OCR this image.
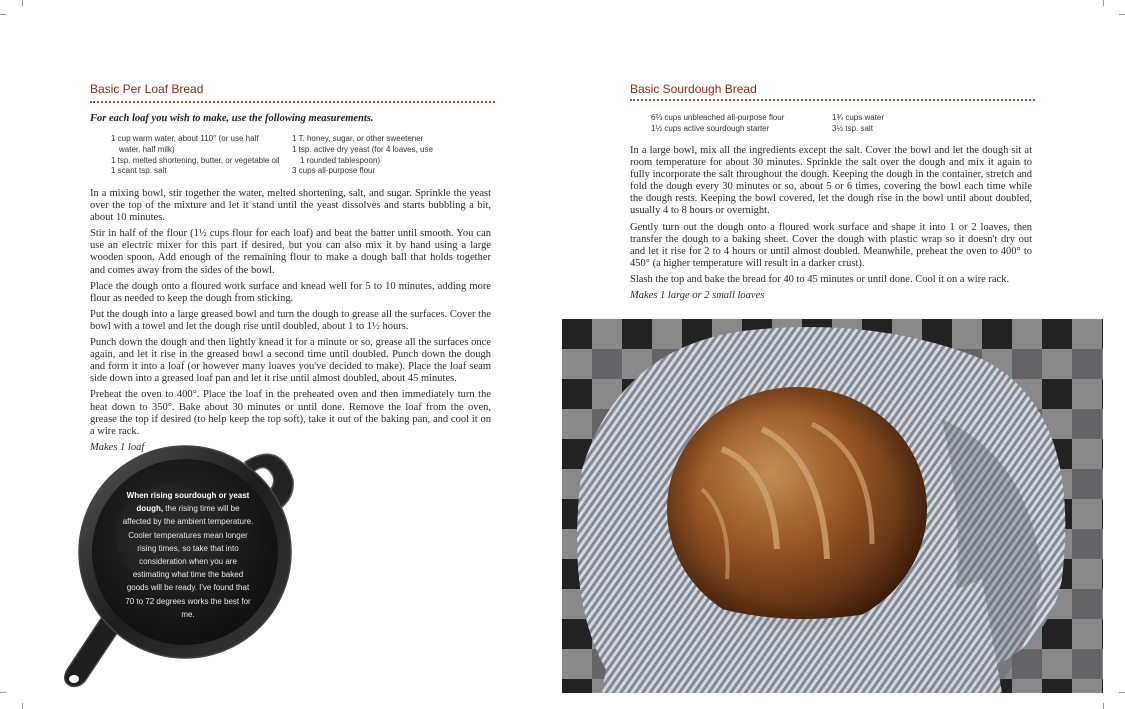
Basic Per Loaf Bread
For each loaf you wish to make, use the following measurements.
1 cup warm water, about 110° (or use half
water, half milk)
1 tsp. melted shortening, butter, or vegetable oil
1 scant tsp. salt
1 T. honey, sugar, or other sweetener
1 tsp. active dry yeast (for 4 loaves, use
1 rounded tablespoon)
3 cups all-purpose flour

In a mixing bowl, stir together the water, melted shortening, salt, and sugar. Sprinkle the yeast over the top of the mixture and let it stand until the yeast dissolves and starts bubbling a bit, about 10 minutes.

Stir in half of the flour (1½ cups flour for each loaf) and beat the batter until smooth. You can use an electric mixer for this part if desired, but you can also mix it by hand using a large wooden spoon. Add enough of the remaining flour to make a dough ball that holds together and comes away from the sides of the bowl.

Place the dough onto a floured work surface and knead well for 5 to 10 minutes, adding more flour as needed to keep the dough from sticking.

Put the dough into a large greased bowl and turn the dough to grease all the surfaces. Cover the bowl with a towel and let the dough rise until doubled, about 1 to 1½ hours.

Punch down the dough and then lightly knead it for a minute or so, grease all the surfaces once again, and let it rise in the greased bowl a second time until doubled. Punch down the dough and form it into a loaf (or however many loaves you've decided to make). Place the loaf seam side down into a greased loaf pan and let it rise until almost doubled, about 45 minutes.

Preheat the oven to 400°. Place the loaf in the preheated oven and then immediately turn the heat down to 350°. Bake about 30 minutes or until done. Remove the loaf from the oven, grease the top if desired (to help keep the top soft), take it out of the baking pan, and cool it on a wire rack.

Makes 1 loaf

When rising sourdough or yeast dough, the rising time will be affected by the ambient temperature. Cooler temperatures mean longer rising times, so take that into consideration when you are estimating what time the baked goods will be ready. I've found that 70 to 72 degrees works the best for me.
Basic Sourdough Bread
6⅔ cups unbleached all-purpose flour
1½ cups active sourdough starter
1¾ cups water
3½ tsp. salt

In a large bowl, mix all the ingredients except the salt. Cover the bowl and let the dough sit at room temperature for about 30 minutes. Sprinkle the salt over the dough and mix it again to fully incorporate the salt throughout the dough. Keeping the dough in the container, stretch and fold the dough every 30 minutes or so, about 5 or 6 times, covering the bowl each time while the dough rests. Keeping the bowl covered, let the dough rise in the bowl until about doubled, usually 4 to 8 hours or overnight.

Gently turn out the dough onto a floured work surface and shape it into 1 or 2 loaves, then transfer the dough to a baking sheet. Cover the dough with plastic wrap so it doesn't dry out and let it rise for 2 to 4 hours or until almost doubled. Meanwhile, preheat the oven to 400° to 450° (a higher temperature will result in a darker crust).

Slash the top and bake the bread for 40 to 45 minutes or until done. Cool it on a wire rack.

Makes 1 large or 2 small loaves
